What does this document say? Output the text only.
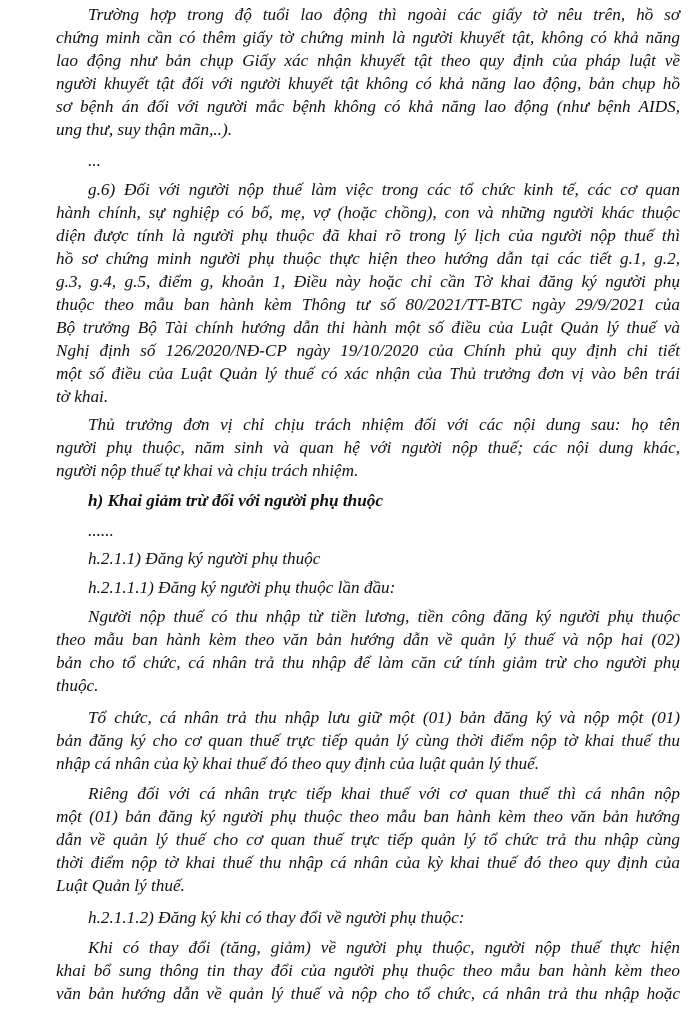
Trường hợp trong độ tuổi lao động thì ngoài các giấy tờ nêu trên, hồ sơ
chứng minh cần có thêm giấy tờ chứng minh là người khuyết tật, không có khả năng
lao động như bản chụp Giấy xác nhận khuyết tật theo quy định của pháp luật về
người khuyết tật đối với người khuyết tật không có khả năng lao động, bản chụp hồ
sơ bệnh án đối với người mắc bệnh không có khả năng lao động (như bệnh AIDS,
ung thư, suy thận mãn,..).
...
g.6) Đối với người nộp thuế làm việc trong các tổ chức kinh tế, các cơ quan
hành chính, sự nghiệp có bố, mẹ, vợ (hoặc chồng), con và những người khác thuộc
diện được tính là người phụ thuộc đã khai rõ trong lý lịch của người nộp thuế thì
hồ sơ chứng minh người phụ thuộc thực hiện theo hướng dẫn tại các tiết g.1, g.2,
g.3, g.4, g.5, điểm g, khoản 1, Điều này hoặc chỉ cần Tờ khai đăng ký người phụ
thuộc theo mẫu ban hành kèm Thông tư số 80/2021/TT-BTC ngày 29/9/2021 của
Bộ trưởng Bộ Tài chính hướng dẫn thi hành một số điều của Luật Quản lý thuế và
Nghị định số 126/2020/NĐ-CP ngày 19/10/2020 của Chính phủ quy định chi tiết
một số điều của Luật Quản lý thuế có xác nhận của Thủ trưởng đơn vị vào bên trái
tờ khai.
Thủ trưởng đơn vị chỉ chịu trách nhiệm đối với các nội dung sau: họ tên
người phụ thuộc, năm sinh và quan hệ với người nộp thuế; các nội dung khác,
người nộp thuế tự khai và chịu trách nhiệm.
h) Khai giảm trừ đối với người phụ thuộc
......
h.2.1.1) Đăng ký người phụ thuộc
h.2.1.1.1) Đăng ký người phụ thuộc lần đầu:
Người nộp thuế có thu nhập từ tiền lương, tiền công đăng ký người phụ thuộc
theo mẫu ban hành kèm theo văn bản hướng dẫn về quản lý thuế và nộp hai (02)
bản cho tổ chức, cá nhân trả thu nhập để làm căn cứ tính giảm trừ cho người phụ
thuộc.
Tổ chức, cá nhân trả thu nhập lưu giữ một (01) bản đăng ký và nộp một (01)
bản đăng ký cho cơ quan thuế trực tiếp quản lý cùng thời điểm nộp tờ khai thuế thu
nhập cá nhân của kỳ khai thuế đó theo quy định của luật quản lý thuế.
Riêng đối với cá nhân trực tiếp khai thuế với cơ quan thuế thì cá nhân nộp
một (01) bản đăng ký người phụ thuộc theo mẫu ban hành kèm theo văn bản hướng
dẫn về quản lý thuế cho cơ quan thuế trực tiếp quản lý tổ chức trả thu nhập cùng
thời điểm nộp tờ khai thuế thu nhập cá nhân của kỳ khai thuế đó theo quy định của
Luật Quản lý thuế.
h.2.1.1.2) Đăng ký khi có thay đổi về người phụ thuộc:
Khi có thay đổi (tăng, giảm) về người phụ thuộc, người nộp thuế thực hiện
khai bổ sung thông tin thay đổi của người phụ thuộc theo mẫu ban hành kèm theo
văn bản hướng dẫn về quản lý thuế và nộp cho tổ chức, cá nhân trả thu nhập hoặc
